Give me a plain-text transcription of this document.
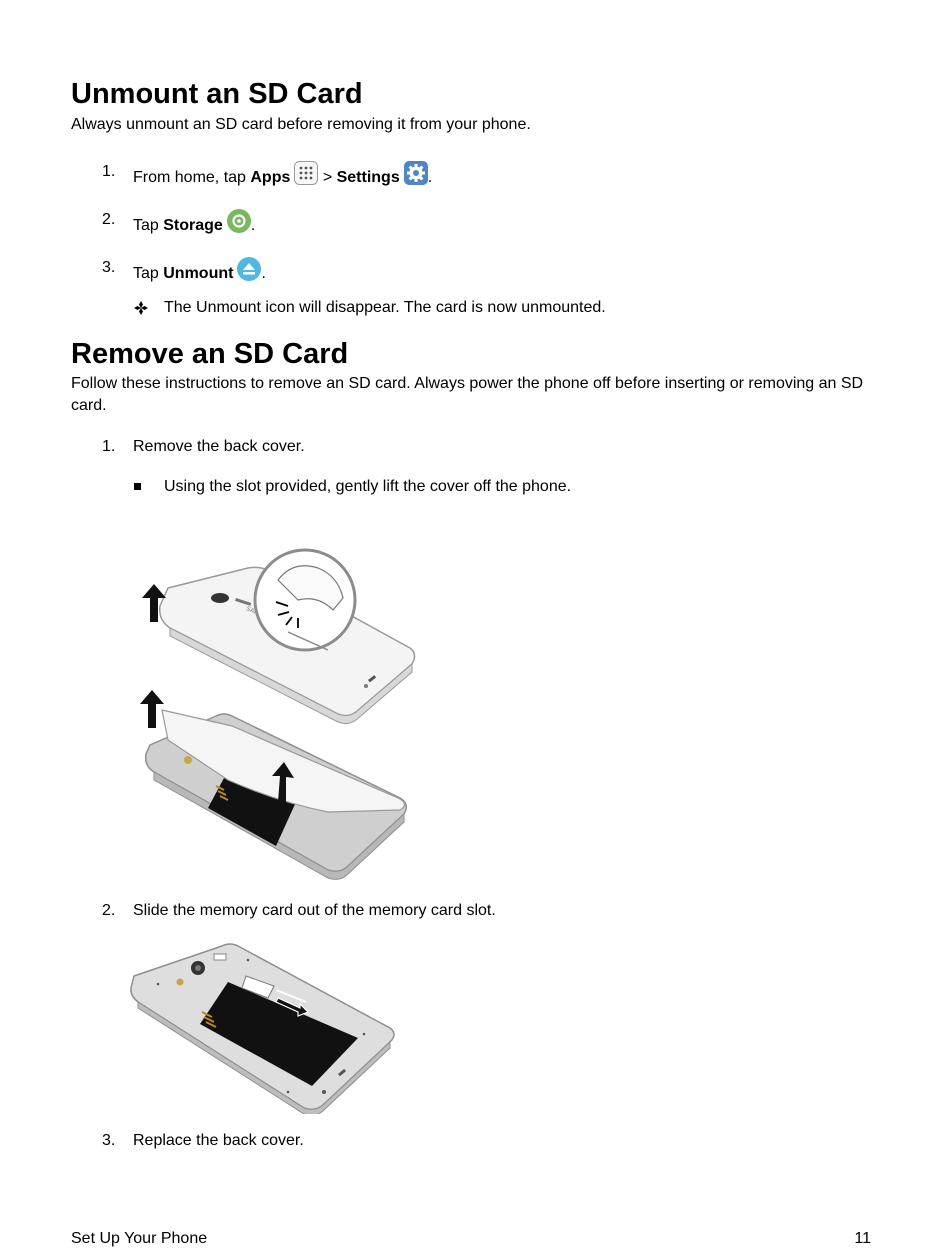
Unmount an SD Card
Always unmount an SD card before removing it from your phone.
1.	From home, tap Apps
> Settings .
2.	Tap Storage .
3.	Tap Unmount .
The Unmount icon will disappear. The card is now unmounted.
Remove an SD Card
Follow these instructions to remove an SD card. Always power the phone off before inserting or removing an SD card.
1.	Remove the back cover.
Using the slot provided, gently lift the cover off the phone.
2.	Slide the memory card out of the memory card slot.
3.	Replace the back cover.
Set Up Your Phone	11
